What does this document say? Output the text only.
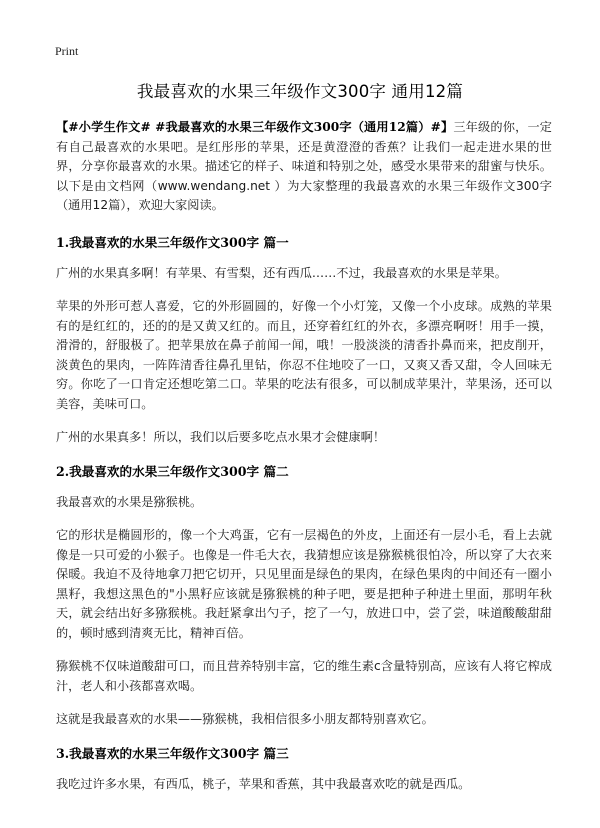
Print
我最喜欢的水果三年级作文300字 通用12篇

【#小学生作文# #我最喜欢的水果三年级作文300字（通用12篇）#】三年级的你，一定有自己最喜欢的水果吧。是红彤彤的苹果，还是黄澄澄的香蕉？让我们一起走进水果的世界，分享你最喜欢的水果。描述它的样子、味道和特别之处，感受水果带来的甜蜜与快乐。以下是由文档网（www.wendang.net ）为大家整理的我最喜欢的水果三年级作文300字（通用12篇），欢迎大家阅读。

1.我最喜欢的水果三年级作文300字 篇一

广州的水果真多啊！有苹果、有雪梨，还有西瓜……不过，我最喜欢的水果是苹果。

苹果的外形可惹人喜爱，它的外形圆圆的，好像一个小灯笼，又像一个小皮球。成熟的苹果有的是红红的，还的的是又黄又红的。而且，还穿着红红的外衣，多漂亮啊呀！用手一摸，滑滑的，舒服极了。把苹果放在鼻子前闻一闻，哦！一股淡淡的清香扑鼻而来，把皮削开，淡黄色的果肉，一阵阵清香往鼻孔里钻，你忍不住地咬了一口，又爽又香又甜，令人回味无穷。你吃了一口肯定还想吃第二口。苹果的吃法有很多，可以制成苹果汁，苹果汤，还可以美容，美味可口。

广州的水果真多！所以，我们以后要多吃点水果才会健康啊！

2.我最喜欢的水果三年级作文300字 篇二

我最喜欢的水果是猕猴桃。

它的形状是椭圆形的，像一个大鸡蛋，它有一层褐色的外皮，上面还有一层小毛，看上去就像是一只可爱的小猴子。也像是一件毛大衣，我猜想应该是猕猴桃很怕冷，所以穿了大衣来保暖。我迫不及待地拿刀把它切开，只见里面是绿色的果肉，在绿色果肉的中间还有一圈小黑籽，我想这黑色的"小黑籽应该就是猕猴桃的种子吧，要是把种子种进土里面，那明年秋天，就会结出好多猕猴桃。我赶紧拿出勺子，挖了一勺，放进口中，尝了尝，味道酸酸甜甜的，顿时感到清爽无比，精神百倍。

猕猴桃不仅味道酸甜可口，而且营养特别丰富，它的维生素c含量特别高，应该有人将它榨成汁，老人和小孩都喜欢喝。

这就是我最喜欢的水果——猕猴桃，我相信很多小朋友都特别喜欢它。

3.我最喜欢的水果三年级作文300字 篇三

我吃过许多水果，有西瓜，桃子，苹果和香蕉，其中我最喜欢吃的就是西瓜。
